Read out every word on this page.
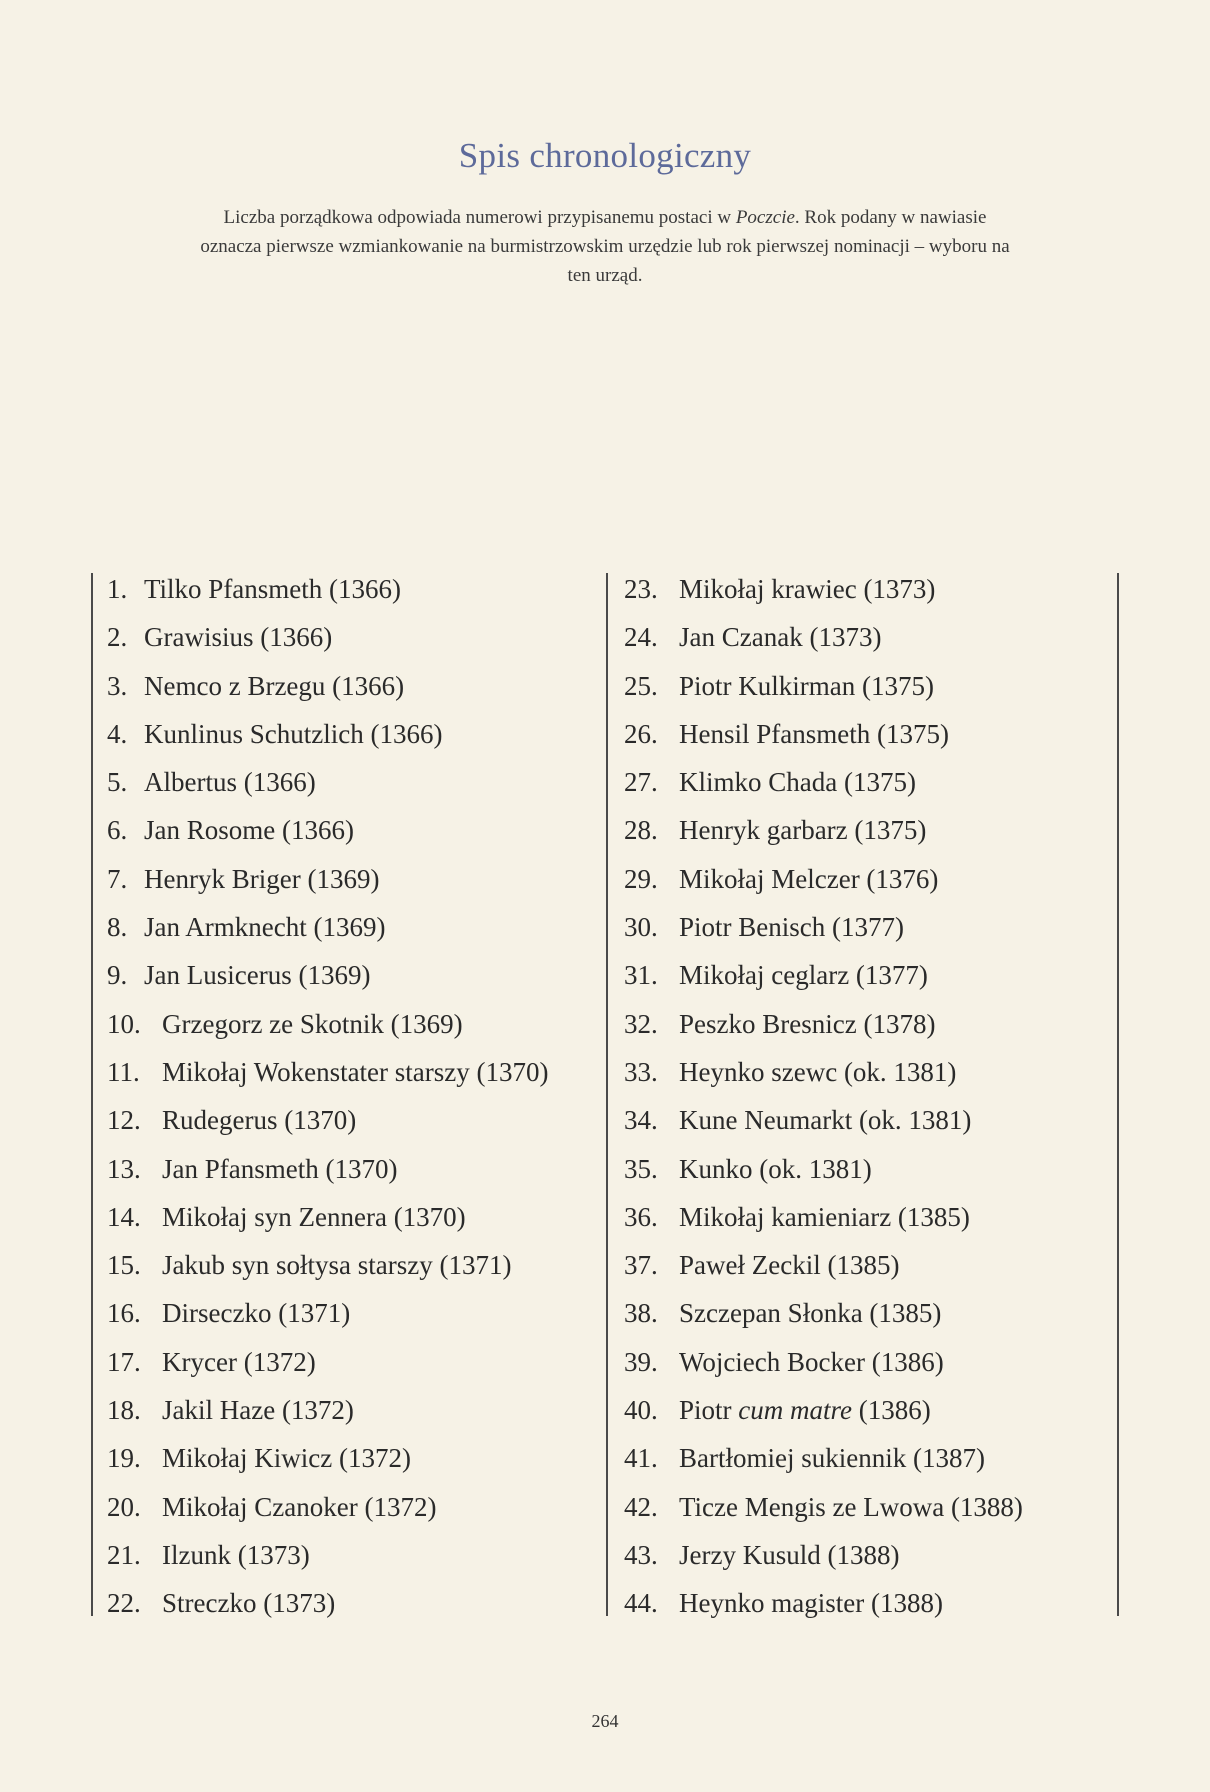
Spis chronologiczny

Liczba porządkowa odpowiada numerowi przypisanemu postaci w Poczcie. Rok podany w nawiasie oznacza pierwsze wzmiankowanie na burmistrzowskim urzędzie lub rok pierwszej nominacji – wyboru na ten urząd.

1. Tilko Pfansmeth (1366)
2. Grawisius (1366)
3. Nemco z Brzegu (1366)
4. Kunlinus Schutzlich (1366)
5. Albertus (1366)
6. Jan Rosome (1366)
7. Henryk Briger (1369)
8. Jan Armknecht (1369)
9. Jan Lusicerus (1369)
10. Grzegorz ze Skotnik (1369)
11. Mikołaj Wokenstater starszy (1370)
12. Rudegerus (1370)
13. Jan Pfansmeth (1370)
14. Mikołaj syn Zennera (1370)
15. Jakub syn sołtysa starszy (1371)
16. Dirseczko (1371)
17. Krycer (1372)
18. Jakil Haze (1372)
19. Mikołaj Kiwicz (1372)
20. Mikołaj Czanoker (1372)
21. Ilzunk (1373)
22. Streczko (1373)
23. Mikołaj krawiec (1373)
24. Jan Czanak (1373)
25. Piotr Kulkirman (1375)
26. Hensil Pfansmeth (1375)
27. Klimko Chada (1375)
28. Henryk garbarz (1375)
29. Mikołaj Melczer (1376)
30. Piotr Benisch (1377)
31. Mikołaj ceglarz (1377)
32. Peszko Bresnicz (1378)
33. Heynko szewc (ok. 1381)
34. Kune Neumarkt (ok. 1381)
35. Kunko (ok. 1381)
36. Mikołaj kamieniarz (1385)
37. Paweł Zeckil (1385)
38. Szczepan Słonka (1385)
39. Wojciech Bocker (1386)
40. Piotr cum matre (1386)
41. Bartłomiej sukiennik (1387)
42. Ticze Mengis ze Lwowa (1388)
43. Jerzy Kusuld (1388)
44. Heynko magister (1388)
264
